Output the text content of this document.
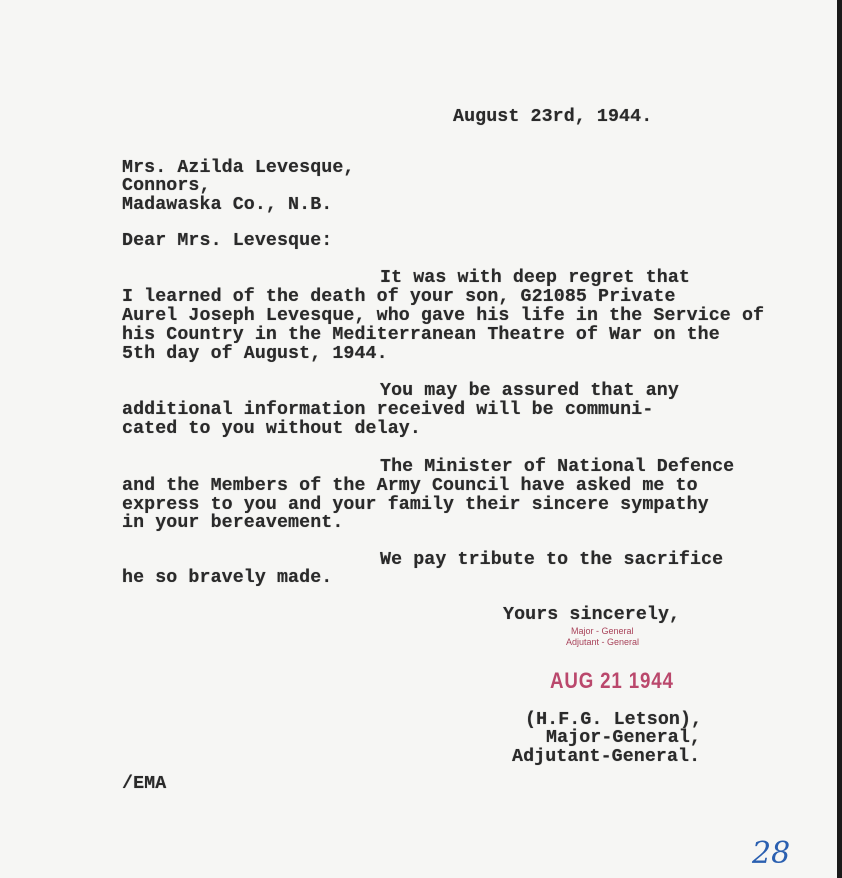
August 23rd, 1944.
Mrs. Azilda Levesque,
Connors,
Madawaska Co., N.B.
Dear Mrs. Levesque:
It was with deep regret that
I learned of the death of your son, G21085 Private
Aurel Joseph Levesque, who gave his life in the Service of
his Country in the Mediterranean Theatre of War on the
5th day of August, 1944.
You may be assured that any
additional information received will be communi-
cated to you without delay.
The Minister of National Defence
and the Members of the Army Council have asked me to
express to you and your family their sincere sympathy
in your bereavement.
We pay tribute to the sacrifice
he so bravely made.
Yours sincerely,
Major - General
Adjutant - General
AUG 21 1944
(H.F.G. Letson),
Major-General,
Adjutant-General.
/EMA
28
